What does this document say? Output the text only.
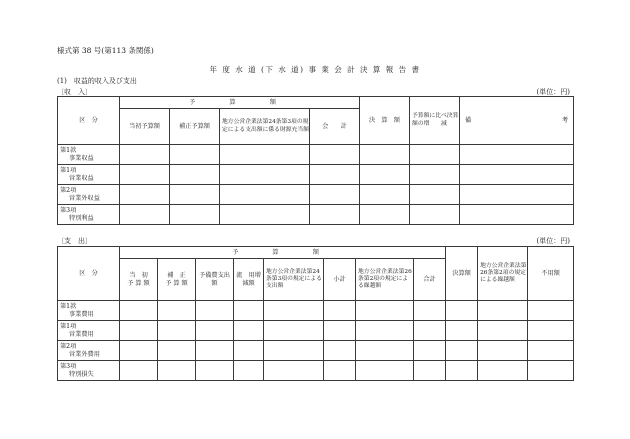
様式第 38 号(第113 条関係)
年 度 水 道 (下 水 道) 事 業 会 計 決 算 報 告 書
(1)　収益的収入及び支出
〔収　入〕	(単位：円)
区　分	予　算　額				決　算　額	予算額に比べ決算額の増　　減	備 考

	当初予算額	補正予算額	地方公営企業法第24条第3項の規定による支出額に係る財源充当額	会　　計			

第1款
事業収益							

第1項
営業収益							

第2項
営業外収益							

第3項
特別利益							

〔支　出〕	(単位：円)
区　分	予　算　額								決算額	地方公営企業法第26条第2項の規定による繰越額	不用額

	当　初
予 算 額	補　正
予 算 額	予備費支出額	流　用増減額	地方公営企業法第24条第3項の規定による支出額	小計	地方公営企業法第26条第2項の規定による繰越額	合計			

第1款
事業費用											

第1項
営業費用											

第2項
営業外費用											

第3項
特別損失											
